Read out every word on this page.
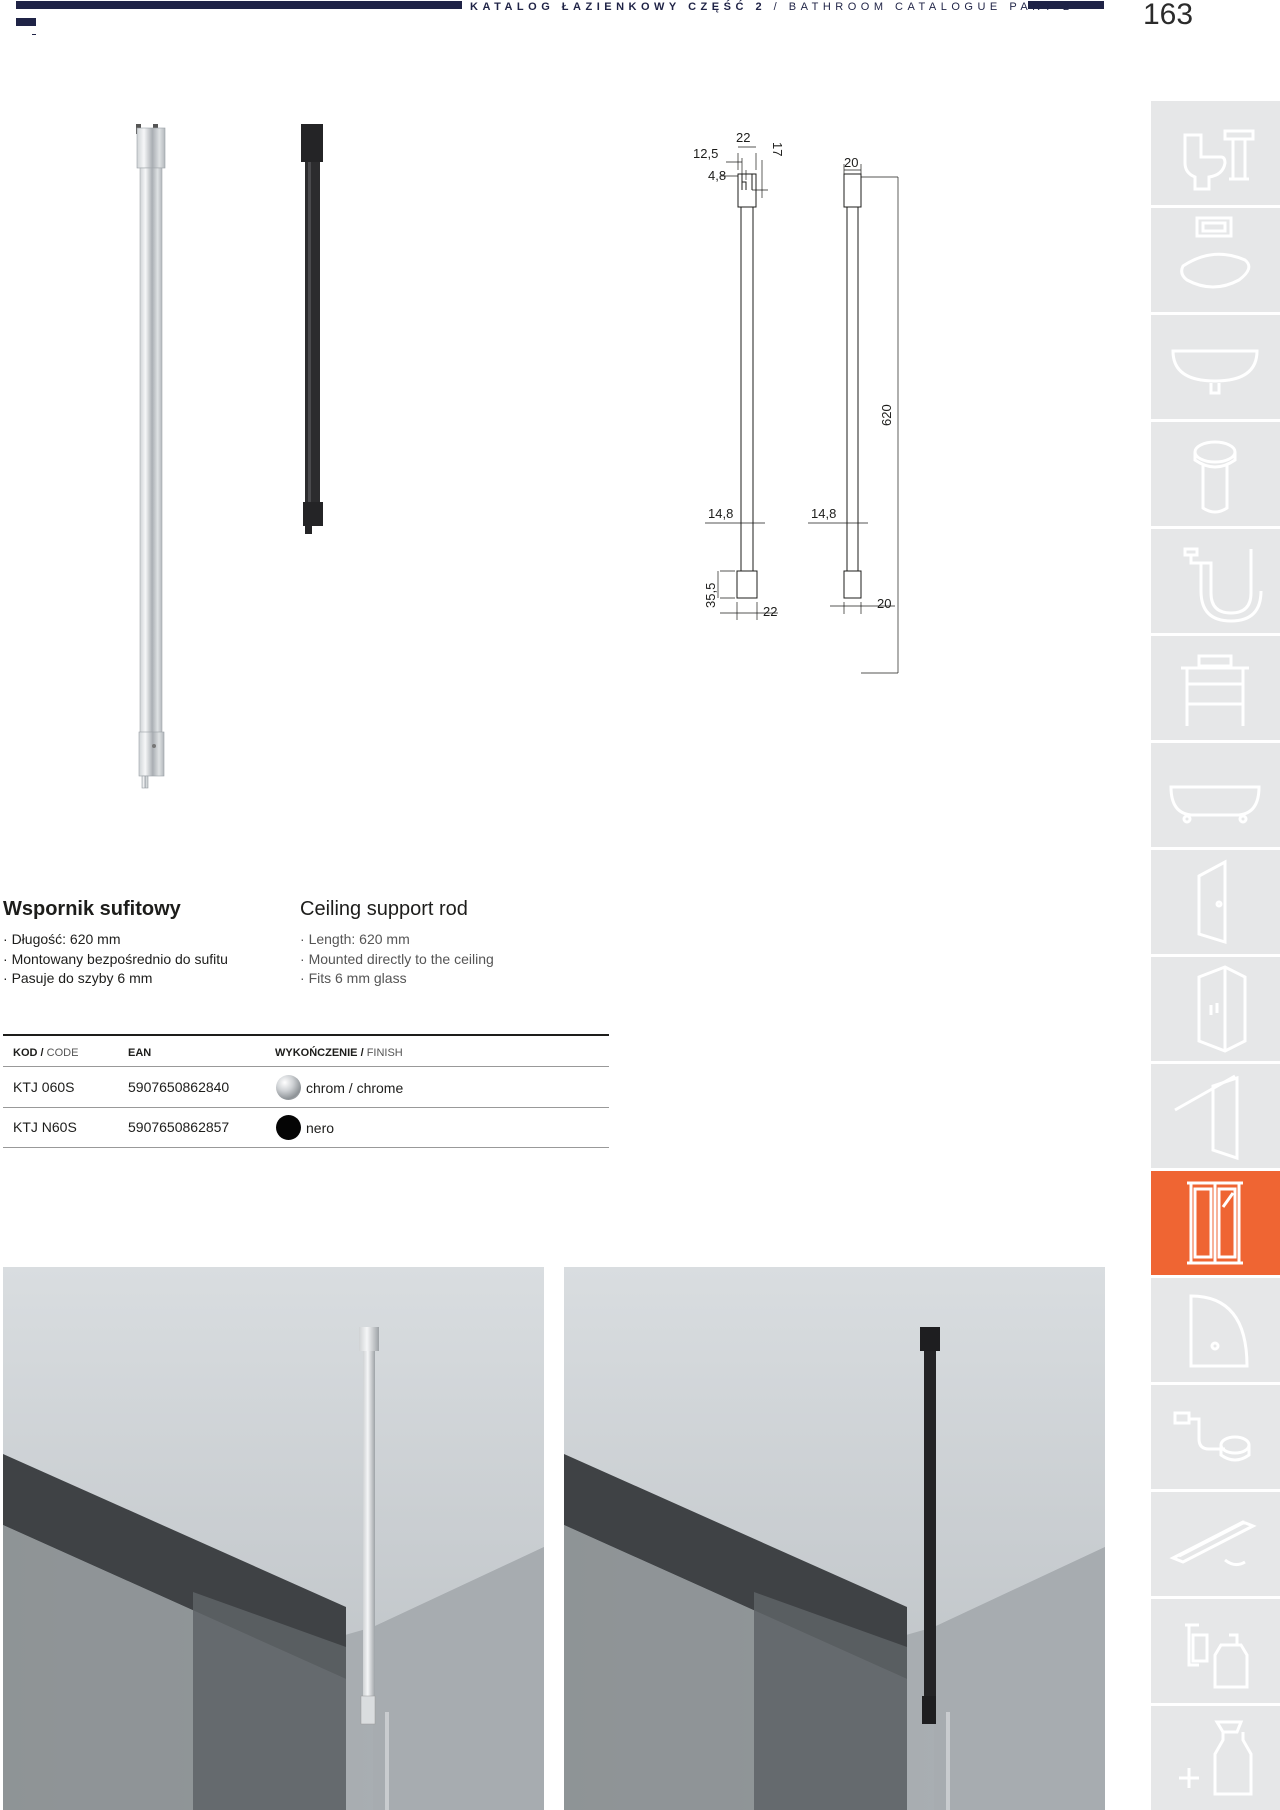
KATALOG ŁAZIENKOWY CZĘŚĆ 2 / BATHROOM CATALOGUE PART 2 163
22
12,5
4,8
17
20
620
14,8	14,8
35,5
22
20
Wspornik sufitowy	Ceiling support rod
· Długość: 620 mm
· Montowany bezpośrednio do sufitu
· Pasuje do szyby 6 mm
· Length: 620 mm
· Mounted directly to the ceiling
· Fits 6 mm glass
KOD / CODE	EAN	WYKOŃCZENIE / FINISH
KTJ 060S	5907650862840	chrom / chrome
KTJ N60S	5907650862857	nero
